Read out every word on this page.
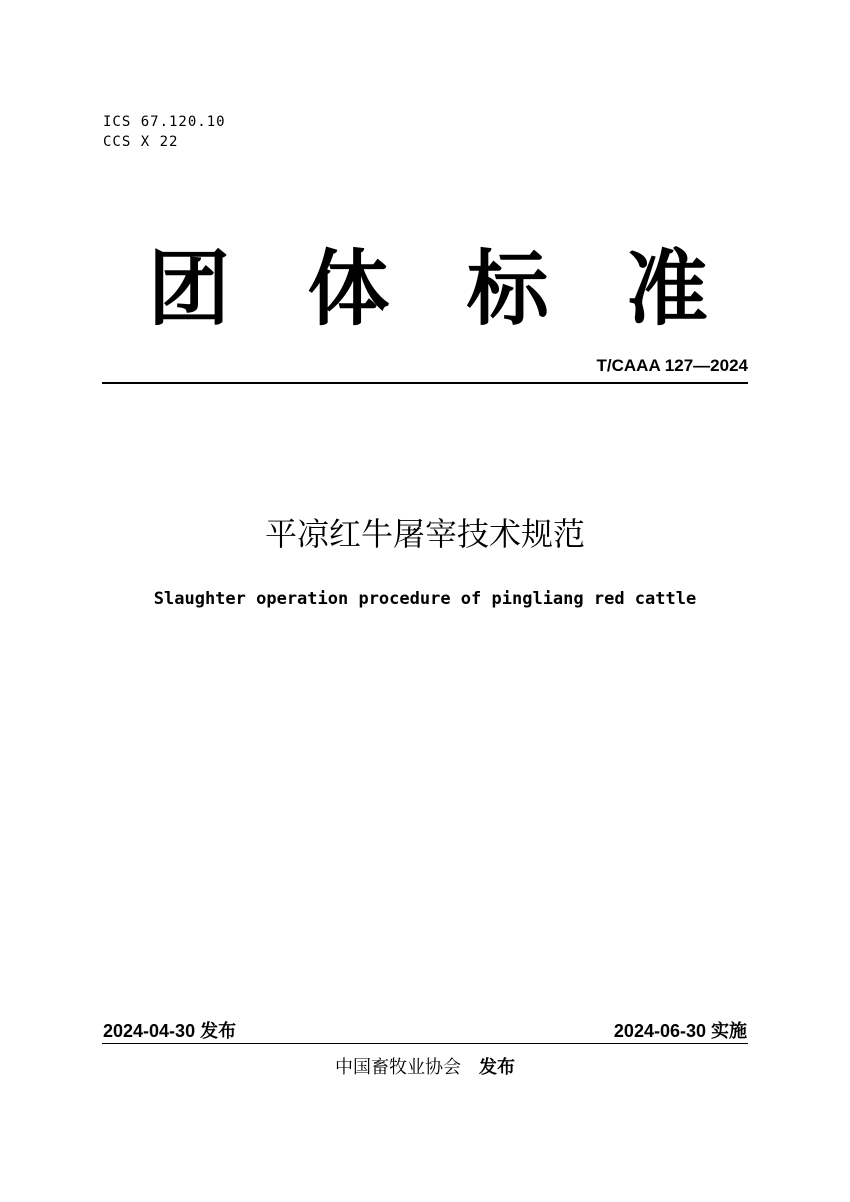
ICS 67.120.10
CCS X 22
团 体 标 准
T/CAAA 127—2024
平凉红牛屠宰技术规范
Slaughter operation procedure of pingliang red cattle
2024-04-30 发布	2024-06-30 实施
中国畜牧业协会 发布
